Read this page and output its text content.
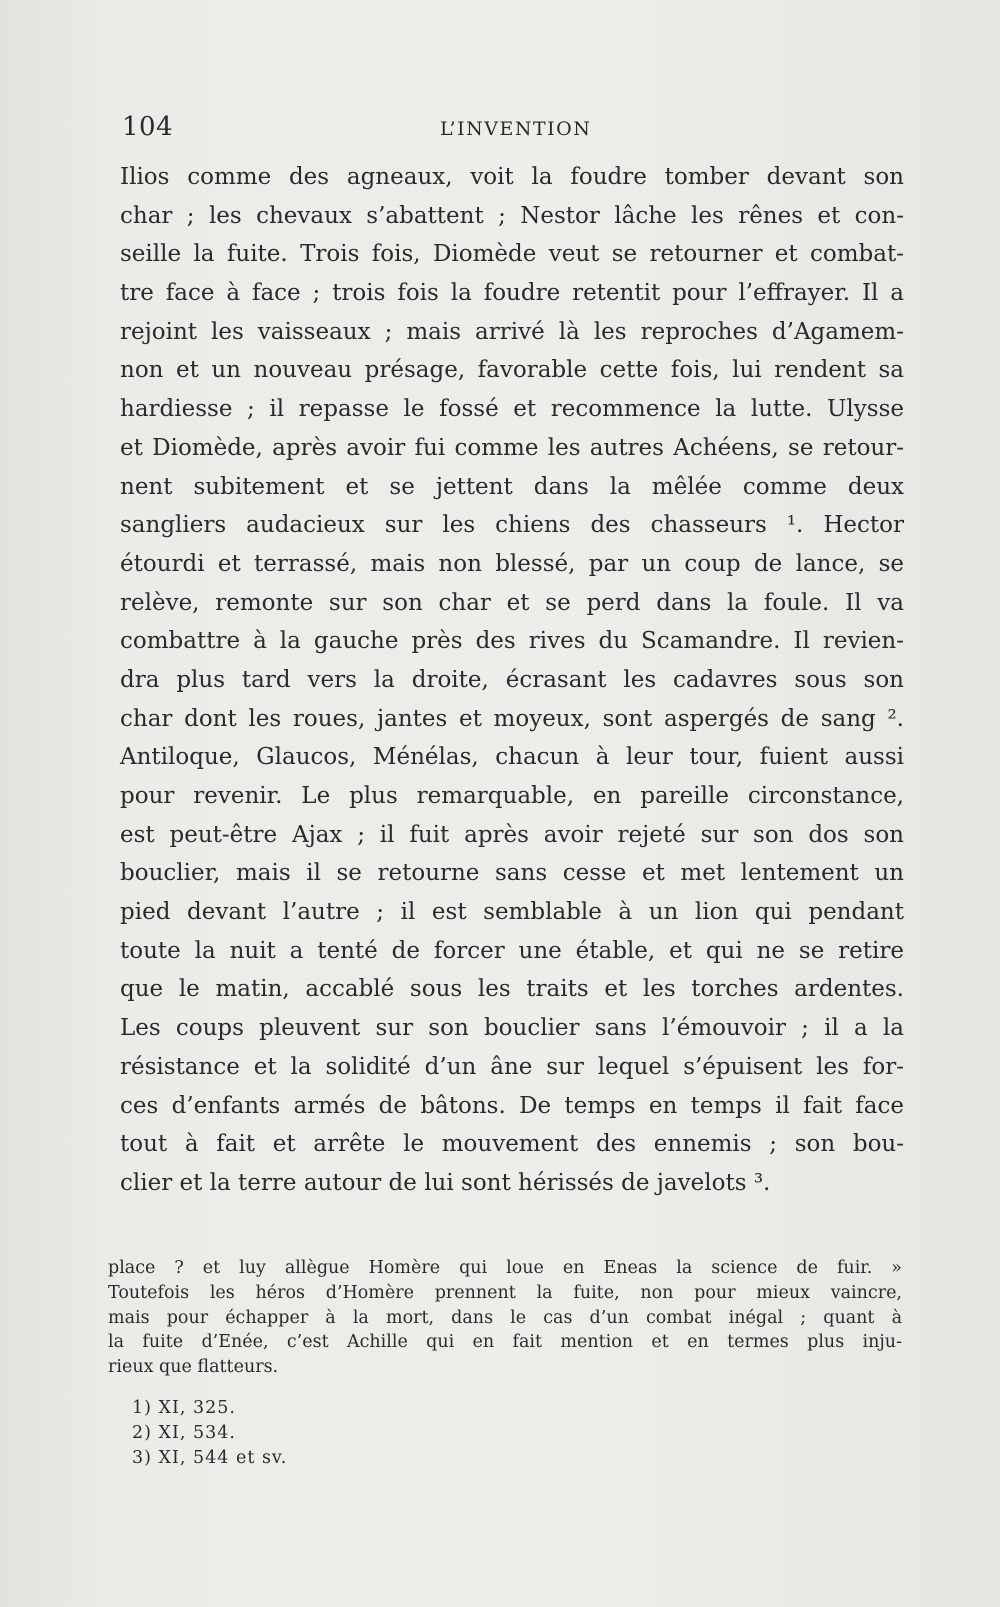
104	L’INVENTION
Ilios comme des agneaux, voit la foudre tomber devant son
char ; les chevaux s’abattent ; Nestor lâche les rênes et con-
seille la fuite. Trois fois, Diomède veut se retourner et combat-
tre face à face ; trois fois la foudre retentit pour l’effrayer. Il a
rejoint les vaisseaux ; mais arrivé là les reproches d’Agamem-
non et un nouveau présage, favorable cette fois, lui rendent sa
hardiesse ; il repasse le fossé et recommence la lutte. Ulysse
et Diomède, après avoir fui comme les autres Achéens, se retour-
nent subitement et se jettent dans la mêlée comme deux
sangliers audacieux sur les chiens des chasseurs ¹. Hector
étourdi et terrassé, mais non blessé, par un coup de lance, se
relève, remonte sur son char et se perd dans la foule. Il va
combattre à la gauche près des rives du Scamandre. Il revien-
dra plus tard vers la droite, écrasant les cadavres sous son
char dont les roues, jantes et moyeux, sont aspergés de sang ².
Antiloque, Glaucos, Ménélas, chacun à leur tour, fuient aussi
pour revenir. Le plus remarquable, en pareille circonstance,
est peut-être Ajax ; il fuit après avoir rejeté sur son dos son
bouclier, mais il se retourne sans cesse et met lentement un
pied devant l’autre ; il est semblable à un lion qui pendant
toute la nuit a tenté de forcer une étable, et qui ne se retire
que le matin, accablé sous les traits et les torches ardentes.
Les coups pleuvent sur son bouclier sans l’émouvoir ; il a la
résistance et la solidité d’un âne sur lequel s’épuisent les for-
ces d’enfants armés de bâtons. De temps en temps il fait face
tout à fait et arrête le mouvement des ennemis ; son bou-
clier et la terre autour de lui sont hérissés de javelots ³.
place ? et luy allègue Homère qui loue en Eneas la science de fuir. »
Toutefois les héros d’Homère prennent la fuite, non pour mieux vaincre,
mais pour échapper à la mort, dans le cas d’un combat inégal ; quant à
la fuite d’Enée, c’est Achille qui en fait mention et en termes plus inju-
rieux que flatteurs.
1) XI, 325.
2) XI, 534.
3) XI, 544 et sv.
